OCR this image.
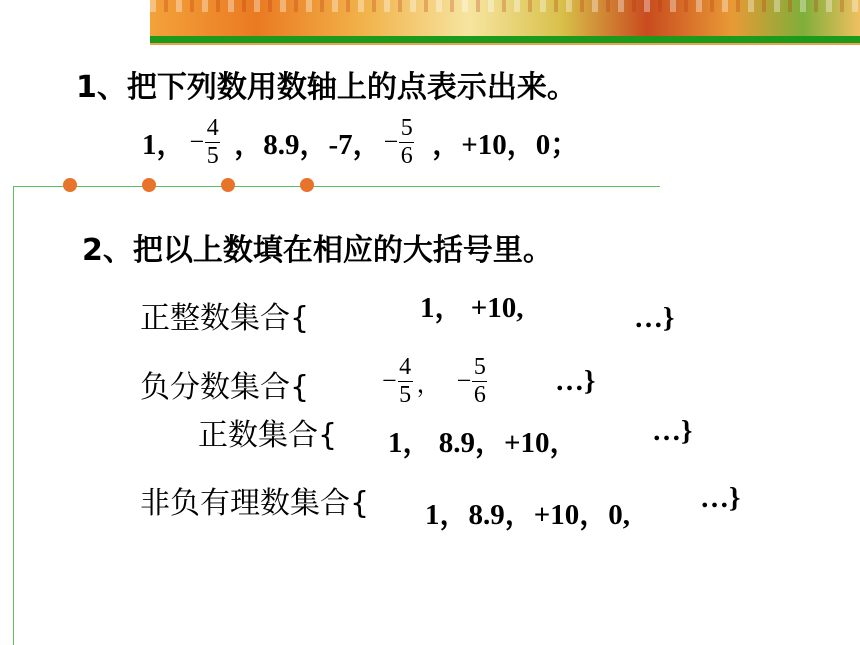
1、把下列数用数轴上的点表示出来。
1， − 4
5 ，8.9，-7， − 5
6 ，+10，0；
2、把以上数填在相应的大括号里。
正整数集合{	1， +10,	…}
负分数集合{	− 4
5 ， − 5
6 …}
正数集合{ 1， 8.9，+10，	…}
非负有理数集合{ 1，8.9，+10，0,
…}
